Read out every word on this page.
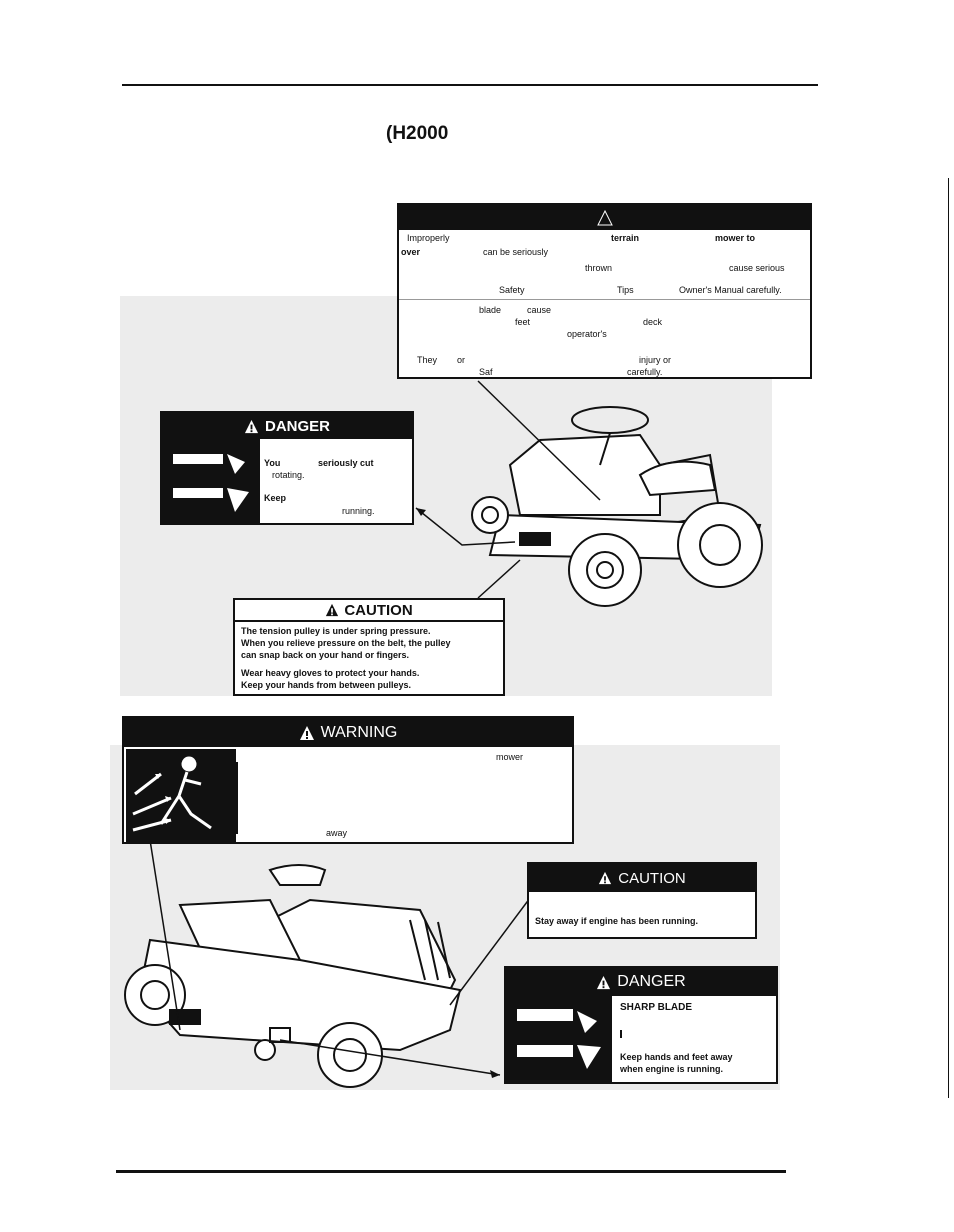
(H2000
Improperly	terrain	mower to
over	can be seriously
thrown	cause serious
Safety	Tips	Owner's Manual carefully.
blade	cause
feet	deck
operator's
They or	injury or
Saf	carefully.
DANGER
You	seriously cut
rotating.
Keep
running.
CAUTION
The tension pulley is under spring pressure.
When you relieve pressure on the belt, the pulley
can snap back on your hand or fingers.
Wear heavy gloves to protect your hands.
Keep your hands from between pulleys.
WARNING
mower
away
CAUTION
Stay away if engine has been running.
DANGER
SHARP BLADE
Keep hands and feet away
when engine is running.
